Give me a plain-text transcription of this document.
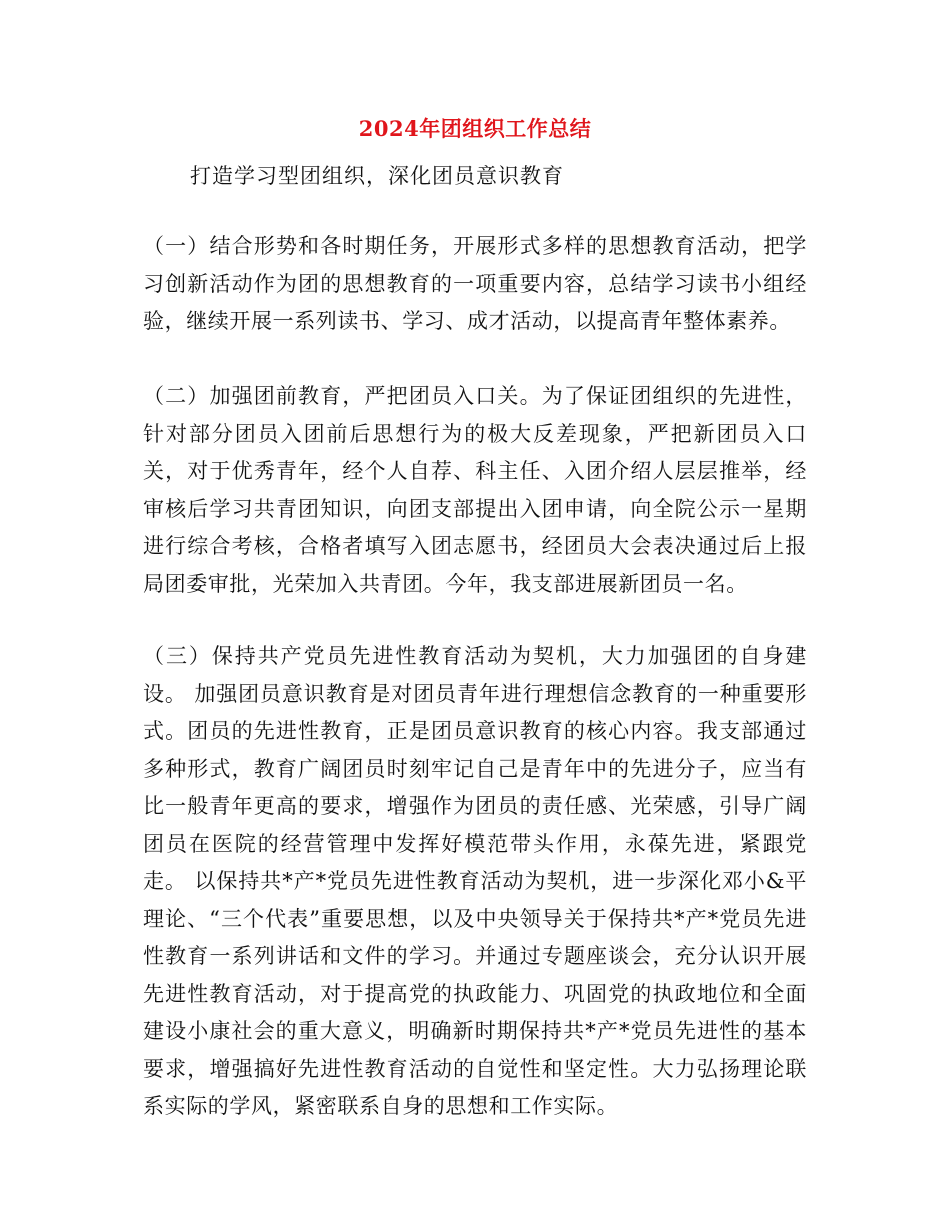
2024年团组织工作总结
打造学习型团组织，深化团员意识教育

（一）结合形势和各时期任务，开展形式多样的思想教育活动，把学习创新活动作为团的思想教育的一项重要内容，总结学习读书小组经验，继续开展一系列读书、学习、成才活动，以提高青年整体素养。

（二）加强团前教育，严把团员入口关。为了保证团组织的先进性，针对部分团员入团前后思想行为的极大反差现象，严把新团员入口关，对于优秀青年，经个人自荐、科主任、入团介绍人层层推举，经审核后学习共青团知识，向团支部提出入团申请，向全院公示一星期进行综合考核，合格者填写入团志愿书，经团员大会表决通过后上报局团委审批，光荣加入共青团。今年，我支部进展新团员一名。

（三）保持共产党员先进性教育活动为契机，大力加强团的自身建设。 加强团员意识教育是对团员青年进行理想信念教育的一种重要形式。团员的先进性教育，正是团员意识教育的核心内容。我支部通过多种形式，教育广阔团员时刻牢记自己是青年中的先进分子，应当有比一般青年更高的要求，增强作为团员的责任感、光荣感，引导广阔团员在医院的经营管理中发挥好模范带头作用，永葆先进，紧跟党走。 以保持共*产*党员先进性教育活动为契机，进一步深化邓小&平理论、“三个代表”重要思想，以及中央领导关于保持共*产*党员先进性教育一系列讲话和文件的学习。并通过专题座谈会，充分认识开展先进性教育活动，对于提高党的执政能力、巩固党的执政地位和全面建设小康社会的重大意义，明确新时期保持共*产*党员先进性的基本要求，增强搞好先进性教育活动的自觉性和坚定性。大力弘扬理论联系实际的学风，紧密联系自身的思想和工作实际。
